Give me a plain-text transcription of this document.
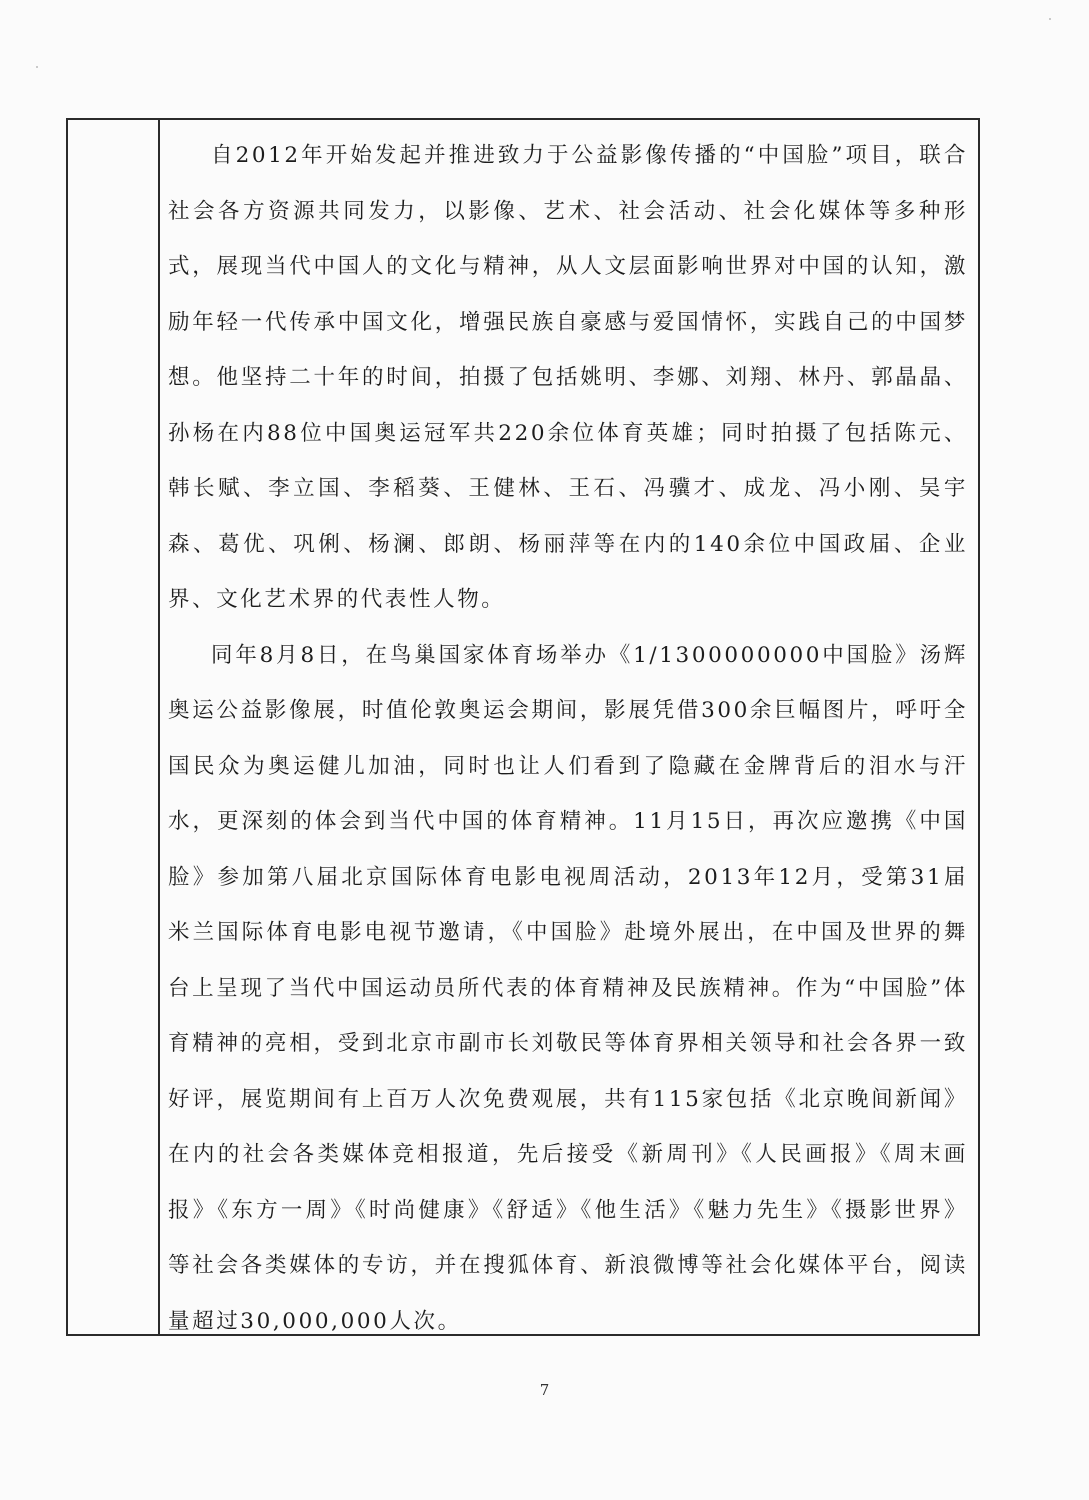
自2012年开始发起并推进致力于公益影像传播的“中国脸”项目，联合社会各方资源共同发力，以影像、艺术、社会活动、社会化媒体等多种形式，展现当代中国人的文化与精神，从人文层面影响世界对中国的认知，激励年轻一代传承中国文化，增强民族自豪感与爱国情怀，实践自己的中国梦想。他坚持二十年的时间，拍摄了包括姚明、李娜、刘翔、林丹、郭晶晶、孙杨在内88位中国奥运冠军共220余位体育英雄；同时拍摄了包括陈元、韩长赋、李立国、李稻葵、王健林、王石、冯骥才、成龙、冯小刚、吴宇森、葛优、巩俐、杨澜、郎朗、杨丽萍等在内的140余位中国政届、企业界、文化艺术界的代表性人物。

同年8月8日，在鸟巢国家体育场举办《1/1300000000中国脸》汤辉奥运公益影像展，时值伦敦奥运会期间，影展凭借300余巨幅图片，呼吁全国民众为奥运健儿加油，同时也让人们看到了隐藏在金牌背后的泪水与汗水，更深刻的体会到当代中国的体育精神。11月15日，再次应邀携《中国脸》参加第八届北京国际体育电影电视周活动，2013年12月，受第31届米兰国际体育电影电视节邀请，《中国脸》赴境外展出，在中国及世界的舞台上呈现了当代中国运动员所代表的体育精神及民族精神。作为“中国脸”体育精神的亮相，受到北京市副市长刘敬民等体育界相关领导和社会各界一致好评，展览期间有上百万人次免费观展，共有115家包括《北京晚间新闻》在内的社会各类媒体竞相报道，先后接受《新周刊》《人民画报》《周末画报》《东方一周》《时尚健康》《舒适》《他生活》《魅力先生》《摄影世界》等社会各类媒体的专访，并在搜狐体育、新浪微博等社会化媒体平台，阅读量超过30,000,000人次。

7
